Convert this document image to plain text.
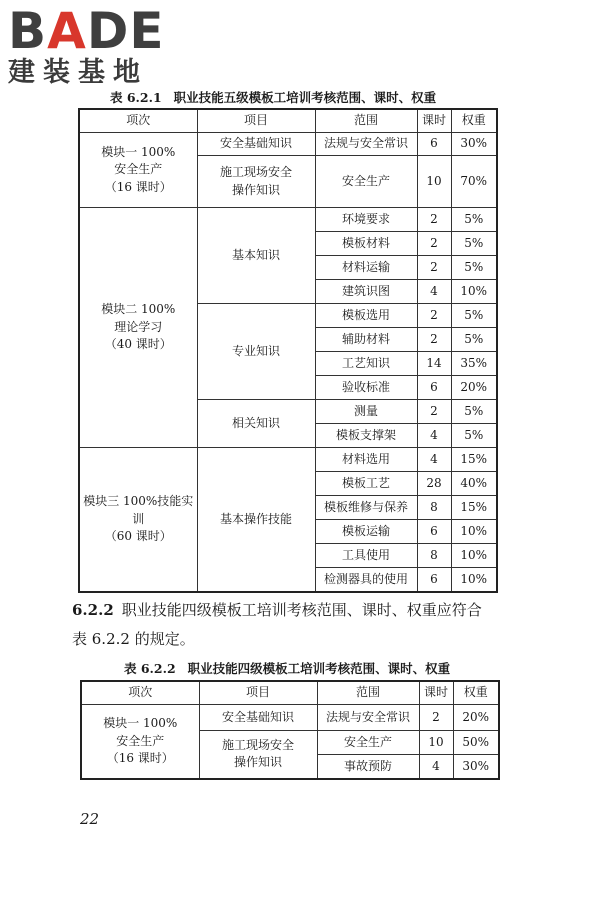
BADE
建装基地
表 6.2.1 职业技能五级模板工培训考核范围、课时、权重
项次	项目	范围	课时	权重
模块一 100%
安全生产
（16 课时）	安全基础知识	法规与安全常识	6	30%
	施工现场安全
操作知识	安全生产	10	70%
模块二 100%
理论学习
（40 课时）	基本知识	环境要求	2	5%
		模板材料	2	5%
		材料运输	2	5%
		建筑识图	4	10%
	专业知识	模板选用	2	5%
		辅助材料	2	5%
		工艺知识	14	35%
		验收标准	6	20%
	相关知识	测量	2	5%
		模板支撑架	4	5%
模块三 100%技能实训
（60 课时）	基本操作技能	材料选用	4	15%
		模板工艺	28	40%
		模板维修与保养	8	15%
		模板运输	6	10%
		工具使用	8	10%
		检测器具的使用	6	10%
6.2.2 职业技能四级模板工培训考核范围、课时、权重应符合
表 6.2.2 的规定。
表 6.2.2 职业技能四级模板工培训考核范围、课时、权重
项次	项目	范围	课时	权重
模块一 100%
安全生产
（16 课时）	安全基础知识	法规与安全常识	2	20%
	施工现场安全
操作知识	安全生产	10	50%
		事故预防	4	30%
22
